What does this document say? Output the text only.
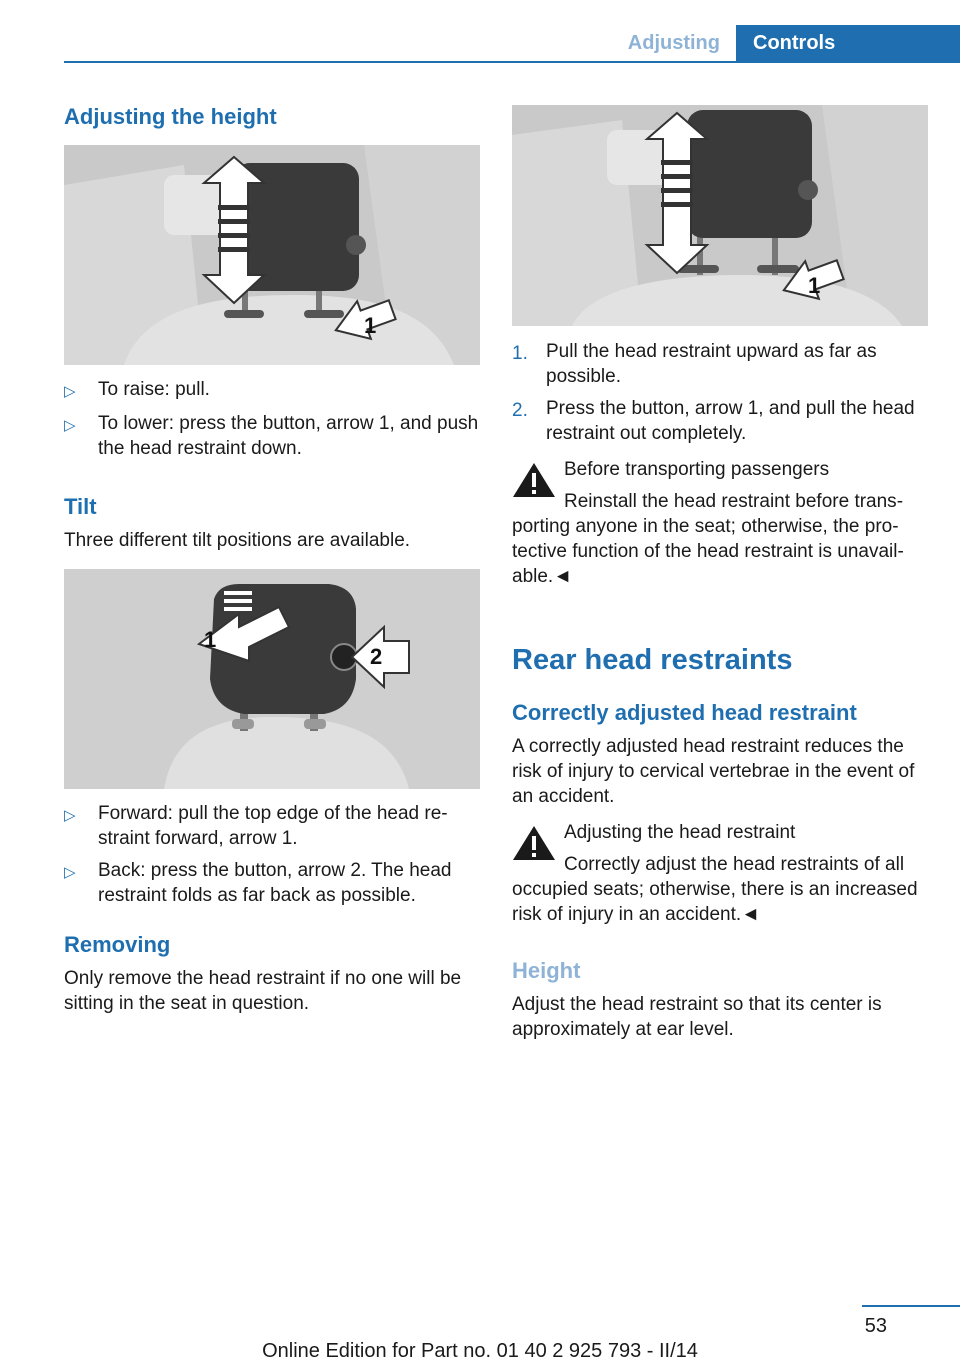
Adjusting	Controls
Adjusting the height
1
▷	To raise: pull.
▷	To lower: press the button, arrow 1, and push the head restraint down.
Tilt
Three different tilt positions are available.
1
2
▷	Forward: pull the top edge of the head restraint forward, arrow 1.
▷	Back: press the button, arrow 2. The head restraint folds as far back as possible.
Removing
Only remove the head restraint if no one will be sitting in the seat in question.
1
1. Pull the head restraint upward as far as possible.
2. Press the button, arrow 1, and pull the head restraint out completely.
Before transporting passengers
Reinstall the head restraint before transporting anyone in the seat; otherwise, the protective function of the head restraint is unavailable.◄
Rear head restraints
Correctly adjusted head restraint
A correctly adjusted head restraint reduces the risk of injury to cervical vertebrae in the event of an accident.
Adjusting the head restraint
Correctly adjust the head restraints of all occupied seats; otherwise, there is an increased risk of injury in an accident.◄
Height
Adjust the head restraint so that its center is approximately at ear level.
53
Online Edition for Part no. 01 40 2 925 793 - II/14
